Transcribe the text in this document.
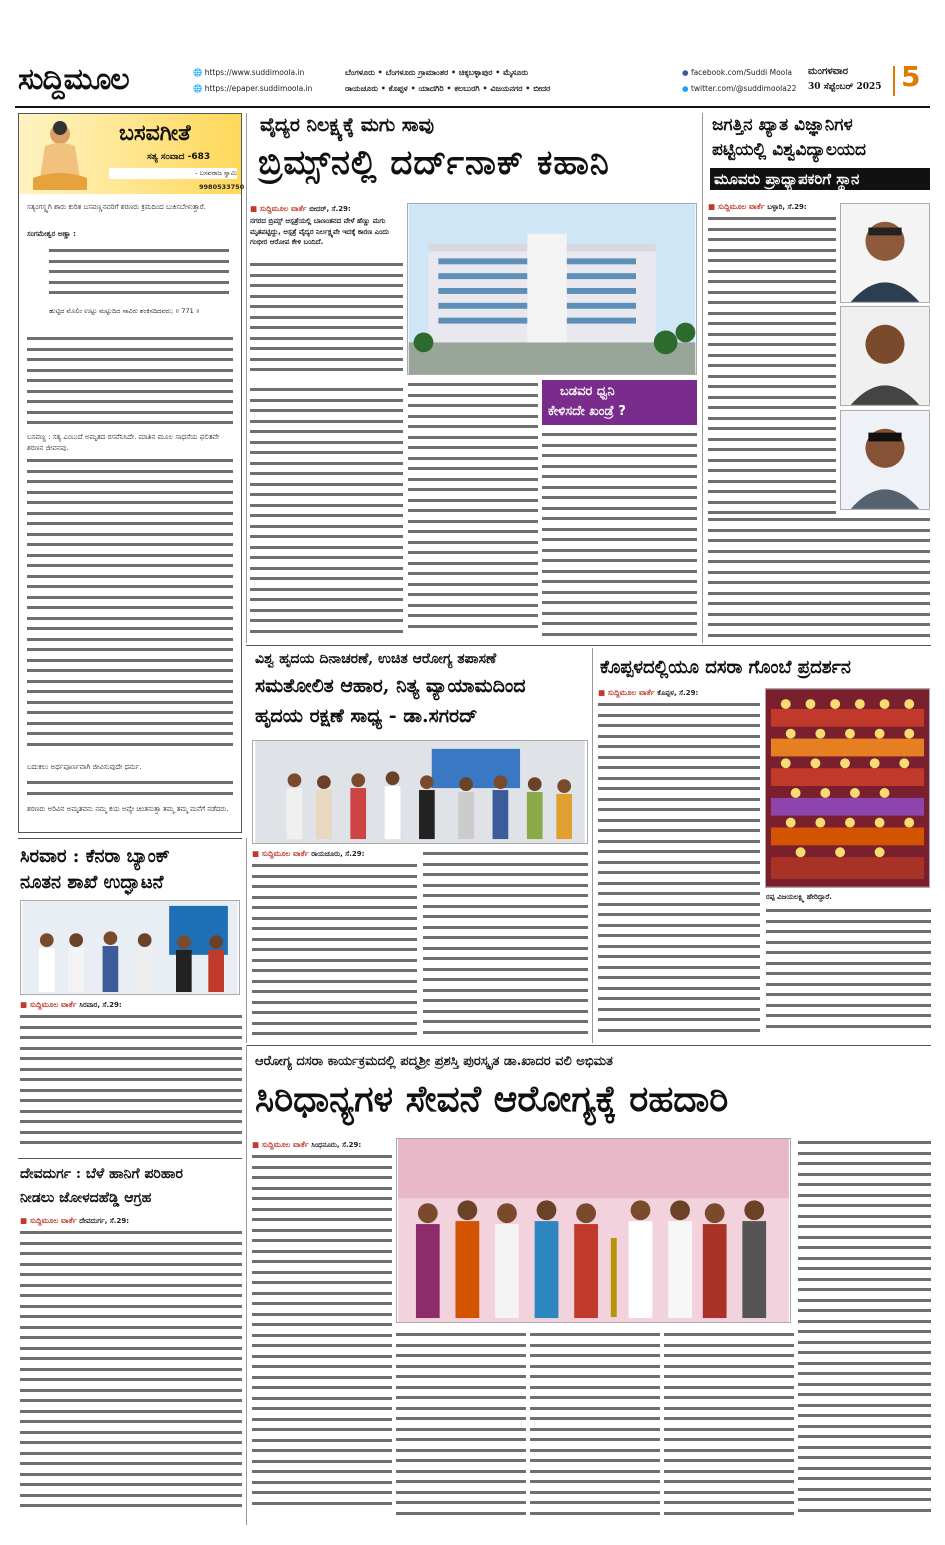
ಸುದ್ದಿಮೂಲ	🌐 https://www.suddimoola.in
🌐 https://epaper.suddimoola.in
ಬೆಂಗಳೂರು • ಬೆಂಗಳೂರು ಗ್ರಾಮಾಂತರ • ಚಿಕ್ಕಬಳ್ಳಾಪುರ • ಮೈಸೂರು
ರಾಯಚೂರು • ಕೊಪ್ಪಳ • ಯಾದಗಿರಿ • ಕಲಬುರಗಿ • ವಿಜಯನಗರ • ಬೀದರ
● facebook.com/Suddi Moola
● twitter.com/@suddimoola22
ಮಂಗಳವಾರ
30 ಸೆಪ್ಟೆಂಬರ್ 2025 5
ಬಸವಗೀತೆ
ಸತ್ಯ ಸಂವಾದ -683
- ಬಸವರಾಜ ಸ್ವಾಮಿ
9980533750
ಸತ್ಯಂಗಸ್ಥ್ಯಗಿ ಶಾರು ಕುರಿತ ಬಸವಣ್ಣನವರಿಗೆ ಶರಣರು ಕ್ರಮದಿಂದ ಬುಕಿಸಬೇಳುತ್ತಾರೆ.
ಸಂಗಮೇಶ್ವರ ಅಣ್ಣಾ :
ಹುಟ್ಟಿದ ಮೊಲಿಂ ಉಟ್ಟು ಮಟ್ಟುದಿದ ಸಾವಿರು ಶಂಕಿಸದಿದವರು; ॥ 771 ॥
ಬಸವಣ್ಣ : ಸತ್ಯ ಎಂಬುದೆ ಅಮೃತದ ರಸವೆನಿಸಿದೇ. ಮಾತಿನ ಮೂಲ ಸಾಧನೆಯ ಫಲಿತವೇ ಶರಣನ ಜೀವನವು.
ಬದುಕಲು ಅರ್ಥಪೂರ್ಣವಾಗಿ ಜೀವಿಸುವುದೇ ಧರ್ಮ.
ಶರಣರು ಅರಿವಿನ ಅಮೃತವನು ನಮ್ಮ ಕಯ ಅವ್ಯೇ ಚಿಂತನುತ್ತಾ ತಮ್ಮ ತಮ್ಮ ಮನೆಗೆ ನಡೆದರು.
ವೈದ್ಯರ ನಿಲಕ್ಷ್ಯಕ್ಕೆ ಮಗು ಸಾವು
ಬ್ರಿಮ್ಸ್‌ನಲ್ಲಿ ದರ್ದ್‌ನಾಕ್ ಕಹಾನಿ
■ ಸುದ್ದಿಮೂಲ ವಾರ್ತೆ ಬೀದರ್, ಸೆ.29:
ನಗರದ ಬ್ರಿಮ್ಸ್ ಆಸ್ಪತ್ರೆಯಲ್ಲಿ ಬಾಣಂತನದ ವೇಳೆ ಹೆಣ್ಣು ಮಗು ಮೃತಪಟ್ಟಿದ್ದು, ಆಸ್ಪತ್ರೆ ವೈದ್ಯರ ನಿರ್ಲಕ್ಷ್ಯವೇ ಇದಕ್ಕೆ ಕಾರಣ ಎಂದು ಗಂಭೀರ ಆರೋಪ ಕೇಳಿ ಬಂದಿದೆ.
ಬಡವರ ಧ್ವನಿ
ಕೇಳಿಸದೇ ಖಂಡ್ರೆ ?
ಜಗತ್ತಿನ ಖ್ಯಾತ ವಿಜ್ಞಾನಿಗಳ
ಪಟ್ಟಿಯಲ್ಲಿ ವಿಶ್ವವಿದ್ಯಾಲಯದ
ಮೂವರು ಪ್ರಾಧ್ಯಾಪಕರಿಗೆ ಸ್ಥಾನ
■ ಸುದ್ದಿಮೂಲ ವಾರ್ತೆ ಬಳ್ಳಾರಿ, ಸೆ.29:
ವಿಶ್ವ ಹೃದಯ ದಿನಾಚರಣೆ, ಉಚಿತ ಆರೋಗ್ಯ ತಪಾಸಣೆ
ಸಮತೋಲಿತ ಆಹಾರ, ನಿತ್ಯ ವ್ಯಾಯಾಮದಿಂದ
ಹೃದಯ ರಕ್ಷಣೆ ಸಾಧ್ಯ - ಡಾ.ಸಗರದ್
■ ಸುದ್ದಿಮೂಲ ವಾರ್ತೆ ರಾಯಚೂರು, ಸೆ.29:
ಕೊಪ್ಪಳದಲ್ಲಿಯೂ ದಸರಾ ಗೊಂಬೆ ಪ್ರದರ್ಶನ
■ ಸುದ್ದಿಮೂಲ ವಾರ್ತೆ ಕೊಪ್ಪಳ, ಸೆ.29:
ರಪ್ಪ ವಿಜಯಲಕ್ಷ್ಮಿ ಹೇರಿದ್ದಾರೆ.
ಸಿರವಾರ : ಕೆನರಾ ಬ್ಯಾಂಕ್
ನೂತನ ಶಾಖೆ ಉದ್ಘಾಟನೆ
■ ಸುದ್ದಿಮೂಲ ವಾರ್ತೆ ಸಿರವಾರ, ಸೆ.29:
ಆರೋಗ್ಯ ದಸರಾ ಕಾರ್ಯಕ್ರಮದಲ್ಲಿ ಪದ್ಮಶ್ರೀ ಪ್ರಶಸ್ತಿ ಪುರಸ್ಕೃತ ಡಾ.ಖಾದರ ವಲಿ ಅಭಿಮತ
ಸಿರಿಧಾನ್ಯಗಳ ಸೇವನೆ ಆರೋಗ್ಯಕ್ಕೆ ರಹದಾರಿ
■ ಸುದ್ದಿಮೂಲ ವಾರ್ತೆ ಸಿಂಧನೂರು, ಸೆ.29:
ದೇವದುರ್ಗ : ಬೆಳೆ ಹಾನಿಗೆ ಪರಿಹಾರ
ನೀಡಲು ಜೋಳದಹೆಡ್ಡಿ ಆಗ್ರಹ
■ ಸುದ್ದಿಮೂಲ ವಾರ್ತೆ ದೇವದುರ್ಗ, ಸೆ.29:
